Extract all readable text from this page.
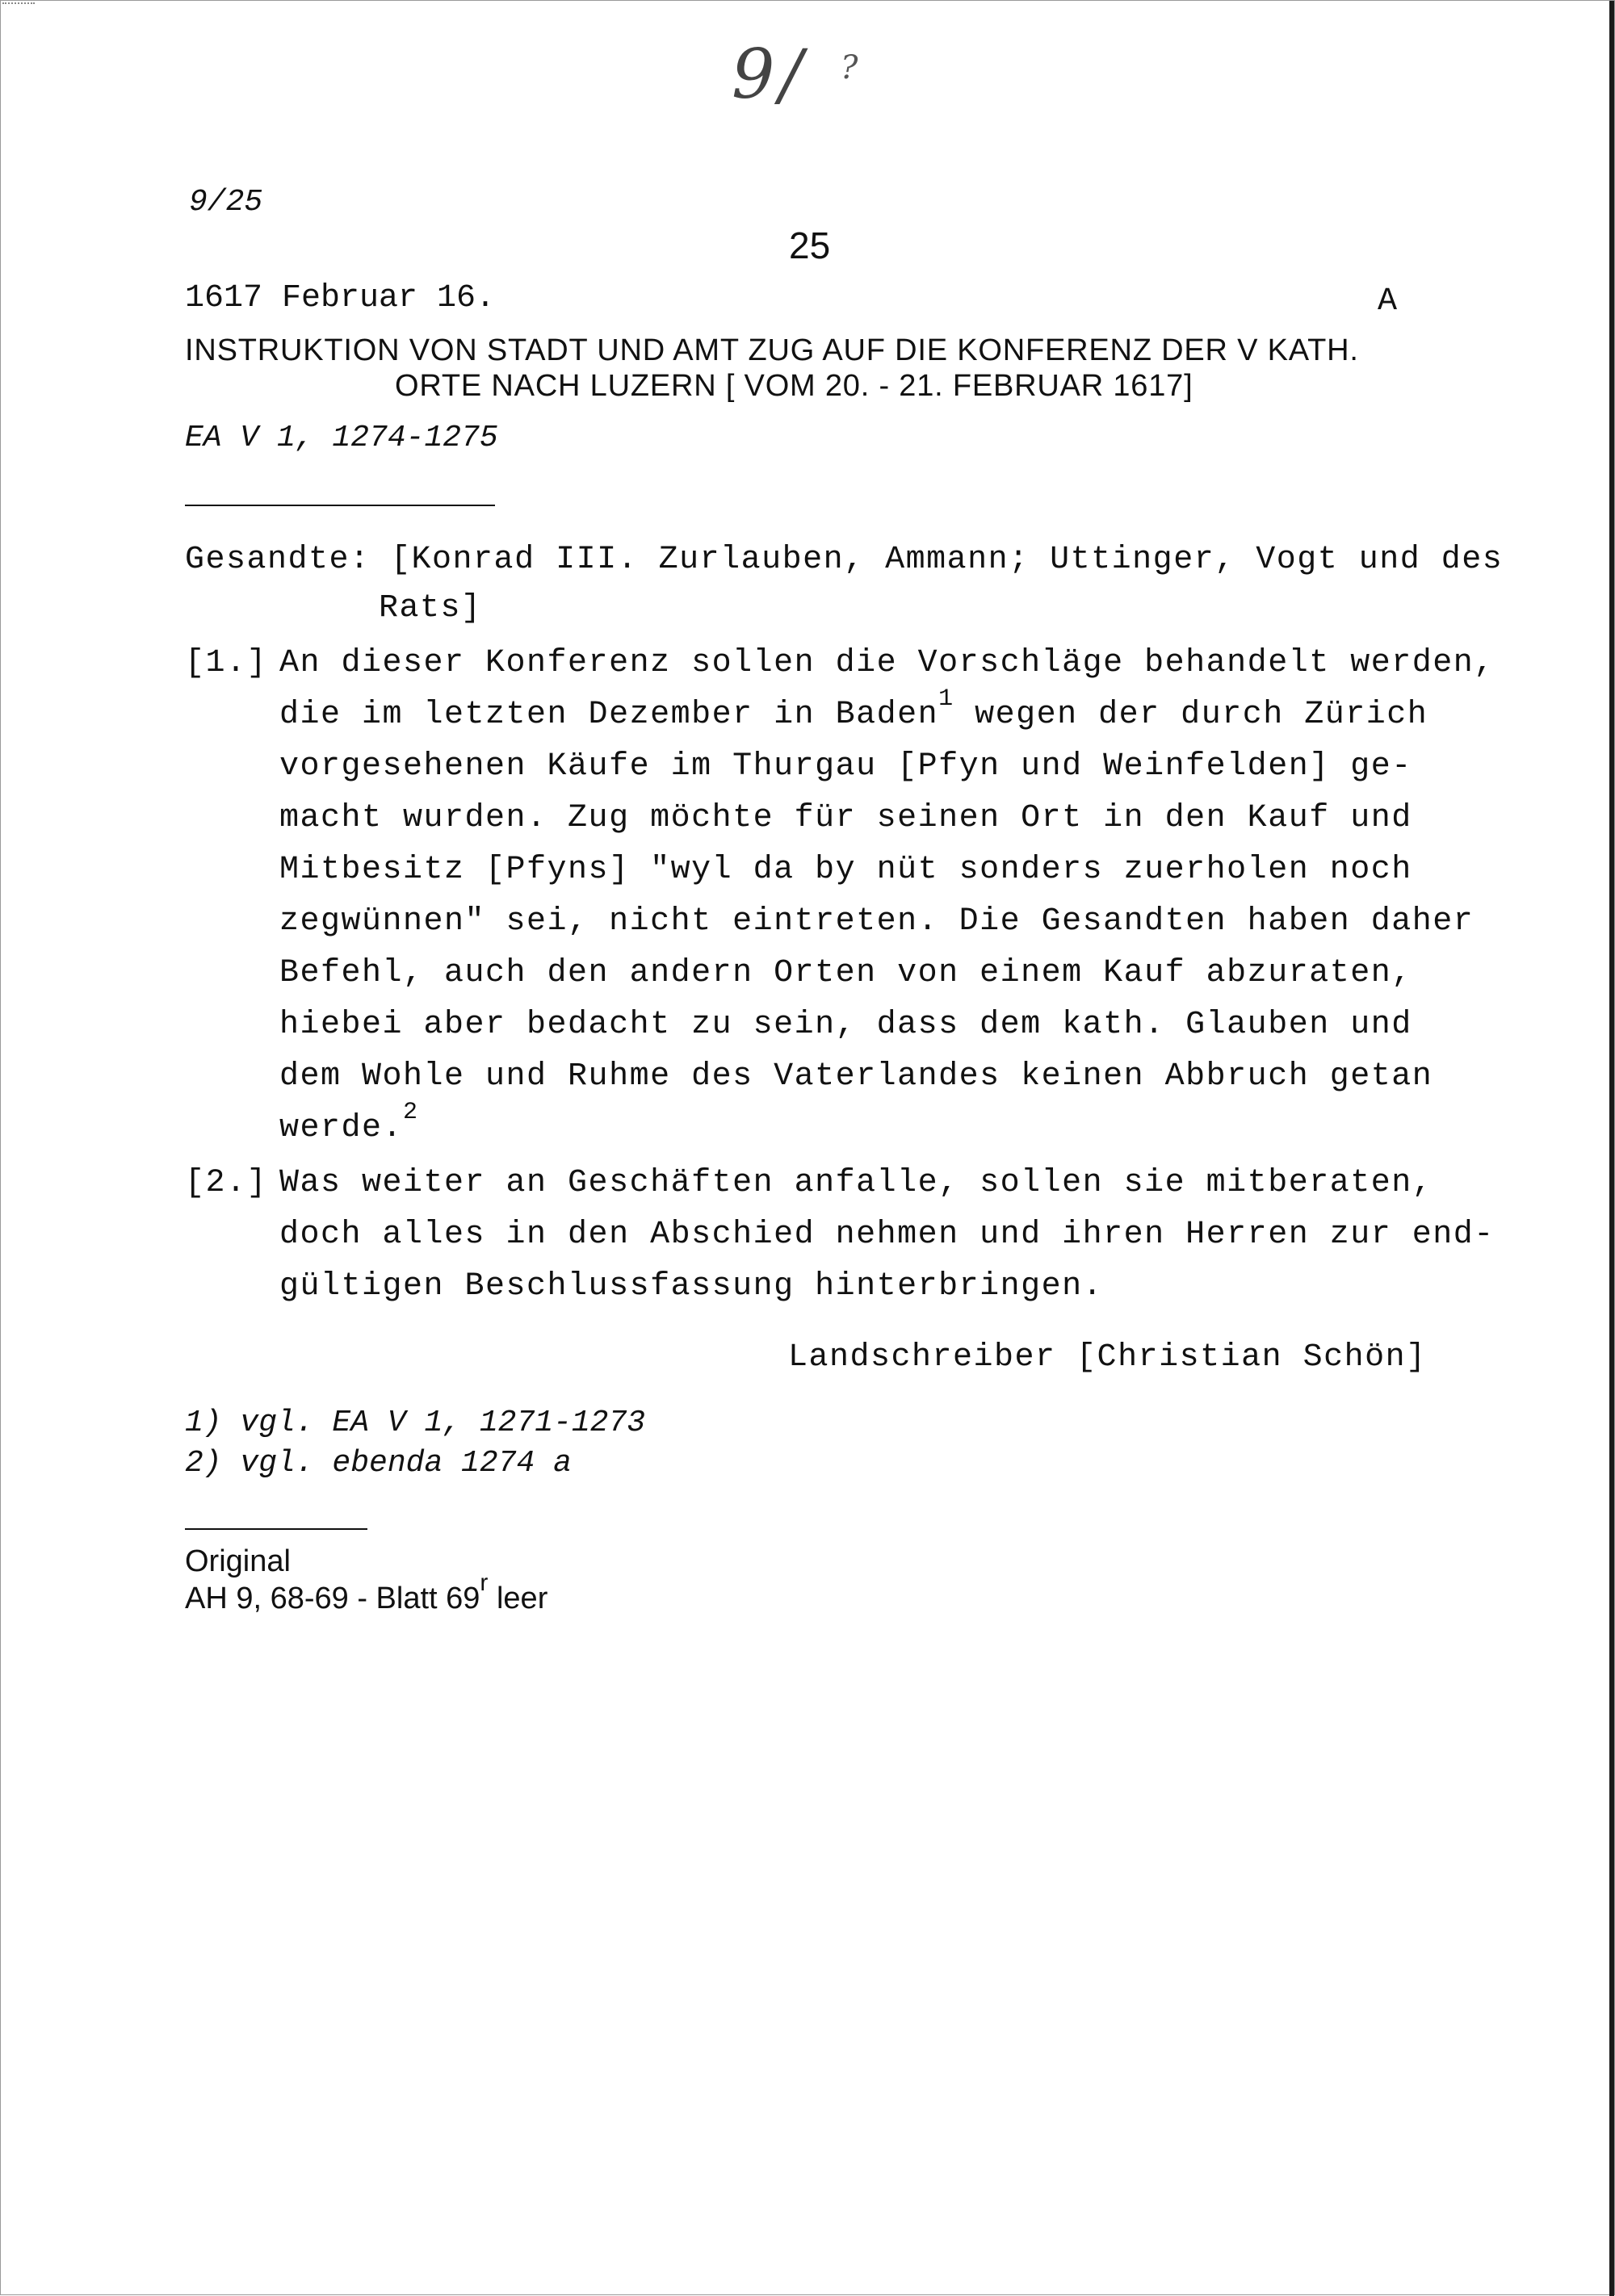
9/ ?
9/25
25
1617 Februar 16.	A
INSTRUKTION VON STADT UND AMT ZUG AUF DIE KONFERENZ DER V KATH.
ORTE NACH LUZERN [ VOM 20. - 21. FEBRUAR 1617]
EA V 1, 1274-1275
Gesandte: [Konrad III. Zurlauben, Ammann; Uttinger, Vogt und des
Rats]
[1.] An dieser Konferenz sollen die Vorschläge behandelt werden,
die im letzten Dezember in Baden$^1$ wegen der durch Zürich
vorgesehenen Käufe im Thurgau [Pfyn und Weinfelden] ge-
macht wurden. Zug möchte für seinen Ort in den Kauf und
Mitbesitz [Pfyns] "wyl da by nüt sonders zuerholen noch
zegwünnen" sei, nicht eintreten. Die Gesandten haben daher
Befehl, auch den andern Orten von einem Kauf abzuraten,
hiebei aber bedacht zu sein, dass dem kath. Glauben und
dem Wohle und Ruhme des Vaterlandes keinen Abbruch getan
werde.$^2$
[2.] Was weiter an Geschäften anfalle, sollen sie mitberaten,
doch alles in den Abschied nehmen und ihren Herren zur end-
gültigen Beschlussfassung hinterbringen.
Landschreiber [Christian Schön]
1) vgl. EA V 1, 1271-1273
2) vgl. ebenda 1274 a
Original
AH 9, 68-69 - Blatt 69$^r$ leer
